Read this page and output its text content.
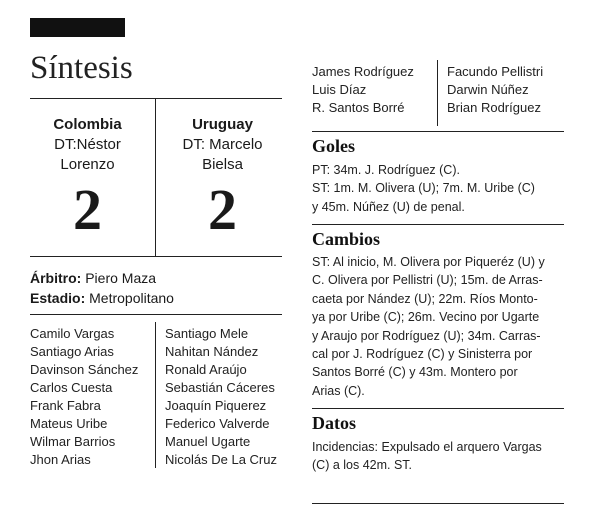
Síntesis
Colombia
DT:Néstor
Lorenzo
2
Uruguay
DT: Marcelo
Bielsa
2
Árbitro: Piero Maza
Estadio: Metropolitano
Camilo Vargas
Santiago Arias
Davinson Sánchez
Carlos Cuesta
Frank Fabra
Mateus Uribe
Wilmar Barrios
Jhon Arias
Santiago Mele
Nahitan Nández
Ronald Araújo
Sebastián Cáceres
Joaquín Piquerez
Federico Valverde
Manuel Ugarte
Nicolás De La Cruz
James Rodríguez
Luis Díaz
R. Santos Borré
Facundo Pellistri
Darwin Núñez
Brian Rodríguez
Goles
PT: 34m. J. Rodríguez (C).
ST: 1m. M. Olivera (U); 7m. M. Uribe (C)
y 45m. Núñez (U) de penal.
Cambios
ST: Al inicio, M. Olivera por Piqueréz (U) y
C. Olivera por Pellistri (U); 15m. de Arras-
caeta por Nández (U); 22m. Ríos Monto-
ya por Uribe (C); 26m. Vecino por Ugarte
y Araujo por Rodríguez (U); 34m. Carras-
cal por J. Rodríguez (C) y Sinisterra por
Santos Borré (C) y 43m. Montero por
Arias (C).
Datos
Incidencias: Expulsado el arquero Vargas
(C) a los 42m. ST.
